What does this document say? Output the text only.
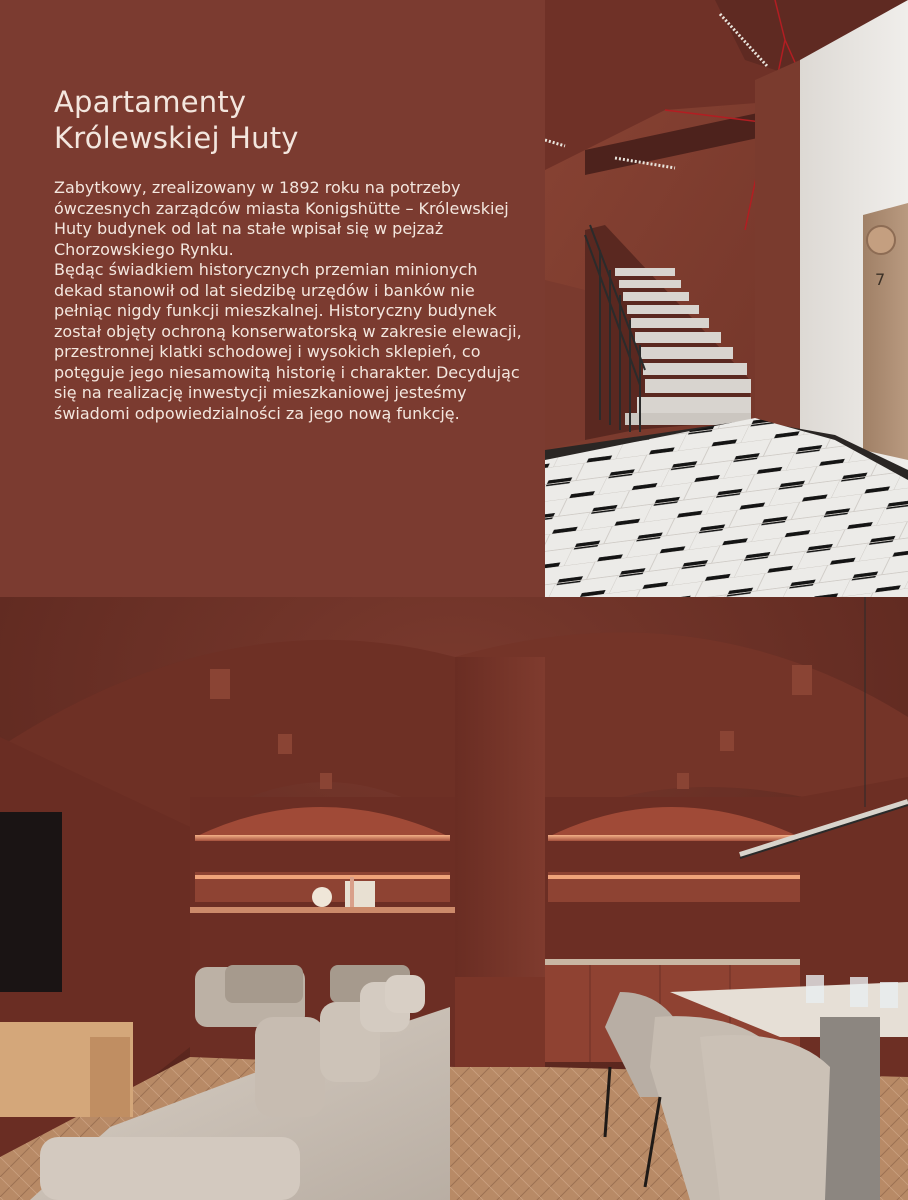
Apartamenty
Królewskiej Huty

Zabytkowy, zrealizowany w 1892 roku na potrzeby ówczesnych zarządców miasta Konigshütte – Królewskiej Huty budynek od lat na stałe wpisał się w pejzaż Chorzowskiego Rynku.

Będąc świadkiem historycznych przemian minionych dekad stanowił od lat siedzibę urzędów i banków nie pełniąc nigdy funkcji mieszkalnej. Historyczny budynek został objęty ochroną konserwatorską w zakresie elewacji, przestronnej klatki schodowej i wysokich sklepień, co potęguje jego niesamowitą historię i charakter. Decydując się na realizację inwestycji mieszkaniowej jesteśmy świadomi odpowiedzialności za jego nową funkcję.

7
